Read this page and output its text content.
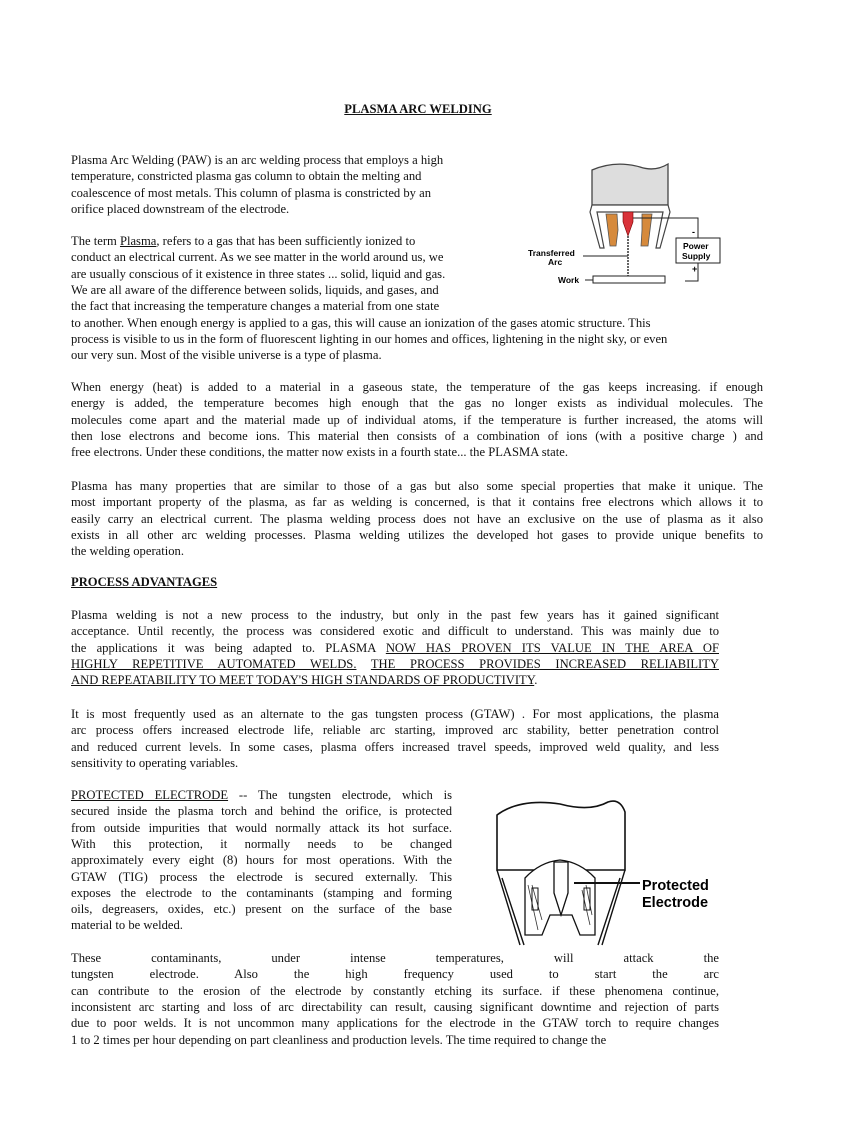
PLASMA ARC WELDING
PROCESS ADVANTAGES
Plasma Arc Welding (PAW) is an arc welding process that employs a high
temperature, constricted plasma gas column to obtain the melting and
coalescence of most metals. This column of plasma is constricted by an
orifice placed downstream of the electrode.
The term Plasma, refers to a gas that has been sufficiently ionized to
conduct an electrical current. As we see matter in the world around us, we
are usually conscious of it existence in three states ... solid, liquid and gas.
We are all aware of the difference between solids, liquids, and gases, and
the fact that increasing the temperature changes a material from one state
to another. When enough energy is applied to a gas, this will cause an ionization of the gases atomic structure. This
process is visible to us in the form of fluorescent lighting in our homes and offices, lightening in the night sky, or even
our very sun. Most of the visible universe is a type of plasma.
When energy (heat) is added to a material in a gaseous state, the temperature of the gas keeps increasing. if enough
energy is added, the temperature becomes high enough that the gas no longer exists as individual molecules. The
molecules come apart and the material made up of individual atoms, if the temperature is further increased, the atoms will
then lose electrons and become ions. This material then consists of a combination of ions (with a positive charge ) and
free electrons. Under these conditions, the matter now exists in a fourth state... the PLASMA state.
Plasma has many properties that are similar to those of a gas but also some special properties that make it unique. The
most important property of the plasma, as far as welding is concerned, is that it contains free electrons which allows it to
easily carry an electrical current. The plasma welding process does not have an exclusive on the use of plasma as it also
exists in all other arc welding processes. Plasma welding utilizes the developed hot gases to provide unique benefits to
the welding operation.
Plasma welding is not a new process to the industry, but only in the past few years has it gained significant
acceptance. Until recently, the process was considered exotic and difficult to understand. This was mainly due to
the applications it was being adapted to. PLASMA NOW HAS PROVEN ITS VALUE IN THE AREA OF
HIGHLY REPETITIVE AUTOMATED WELDS. THE PROCESS PROVIDES INCREASED RELIABILITY
AND REPEATABILITY TO MEET TODAY'S HIGH STANDARDS OF PRODUCTIVITY.
It is most frequently used as an alternate to the gas tungsten process (GTAW) . For most applications, the plasma
arc process offers increased electrode life, reliable arc starting, improved arc stability, better penetration control
and reduced current levels. In some cases, plasma offers increased travel speeds, improved weld quality, and less
sensitivity to operating variables.
PROTECTED ELECTRODE -- The tungsten electrode, which is
secured inside the plasma torch and behind the orifice, is protected
from outside impurities that would normally attack its hot surface.
With this protection, it normally needs to be changed
approximately every eight (8) hours for most operations. With the
GTAW (TIG) process the electrode is secured externally. This
exposes the electrode to the contaminants (stamping and forming
oils, degreasers, oxides, etc.) present on the surface of the base
material to be welded.
These contaminants, under intense temperatures, will attack the
tungsten electrode. Also the high frequency used to start the arc
can contribute to the erosion of the electrode by constantly etching its surface. if these phenomena continue,
inconsistent arc starting and loss of arc directability can result, causing significant downtime and rejection of parts
due to poor welds. It is not uncommon many applications for the electrode in the GTAW torch to require changes
1 to 2 times per hour depending on part cleanliness and production levels. The time required to change the
Transferred
Arc
Work
Power
Supply
-
+
Protected
Electrode
